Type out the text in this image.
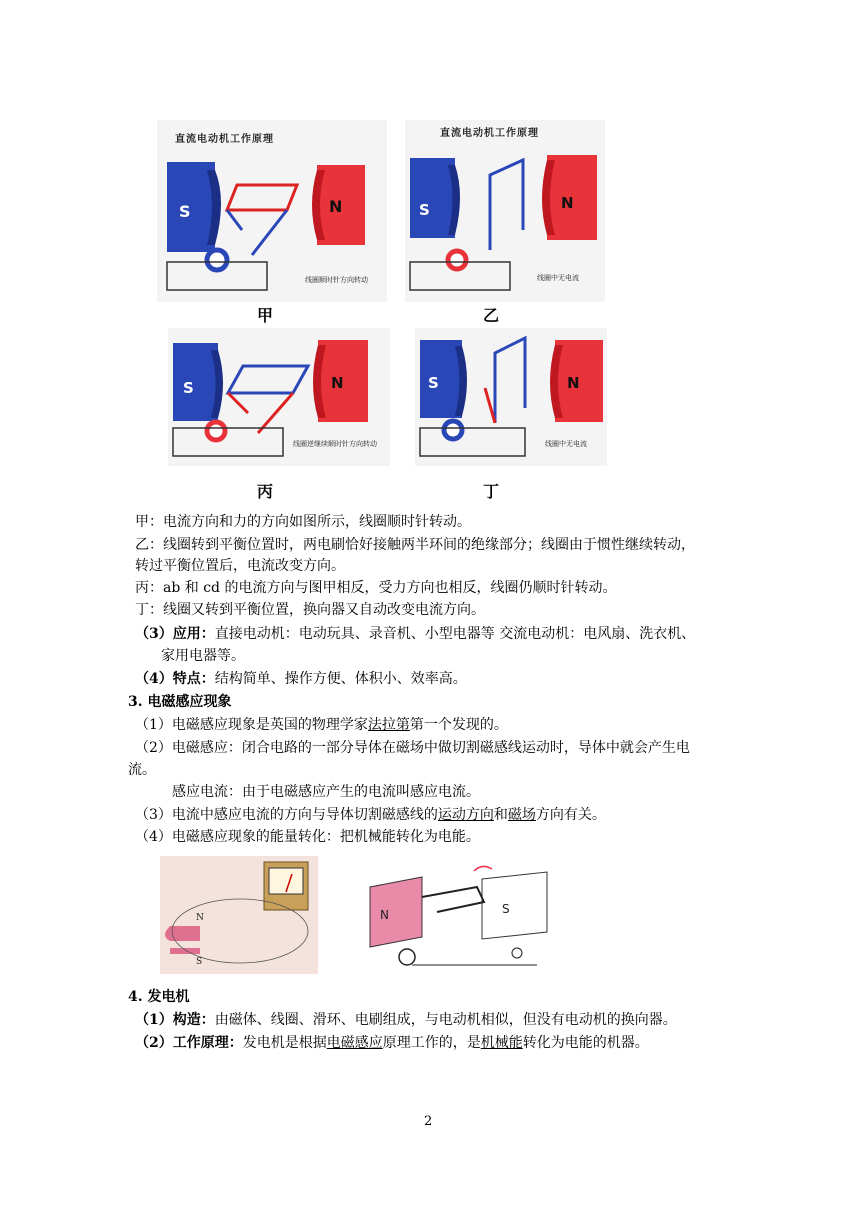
直流电动机工作原理
S	N
线圈顺时针方向转动
甲
直流电动机工作原理
S	N
线圈中无电流
乙
S	N
线圈逆继续顺时针方向转动
丙
S	N
线圈中无电流
丁
甲：电流方向和力的方向如图所示，线圈顺时针转动。
乙：线圈转到平衡位置时，两电刷恰好接触两半环间的绝缘部分；线圈由于惯性继续转动，
转过平衡位置后，电流改变方向。
丙：ab 和 cd 的电流方向与图甲相反，受力方向也相反，线圈仍顺时针转动。
丁：线圈又转到平衡位置，换向器又自动改变电流方向。
（3）应用：直接电动机：电动玩具、录音机、小型电器等 交流电动机：电风扇、洗衣机、
家用电器等。
（4）特点：结构简单、操作方便、体积小、效率高。
3. 电磁感应现象
（1）电磁感应现象是英国的物理学家法拉第第一个发现的。
（2）电磁感应：闭合电路的一部分导体在磁场中做切割磁感线运动时，导体中就会产生电
流。
感应电流：由于电磁感应产生的电流叫感应电流。
（3）电流中感应电流的方向与导体切割磁感线的运动方向和磁场方向有关。
（4）电磁感应现象的能量转化：把机械能转化为电能。
N
S
N	S
4. 发电机
（1）构造：由磁体、线圈、滑环、电刷组成，与电动机相似，但没有电动机的换向器。
（2）工作原理：发电机是根据电磁感应原理工作的，是机械能转化为电能的机器。
2
